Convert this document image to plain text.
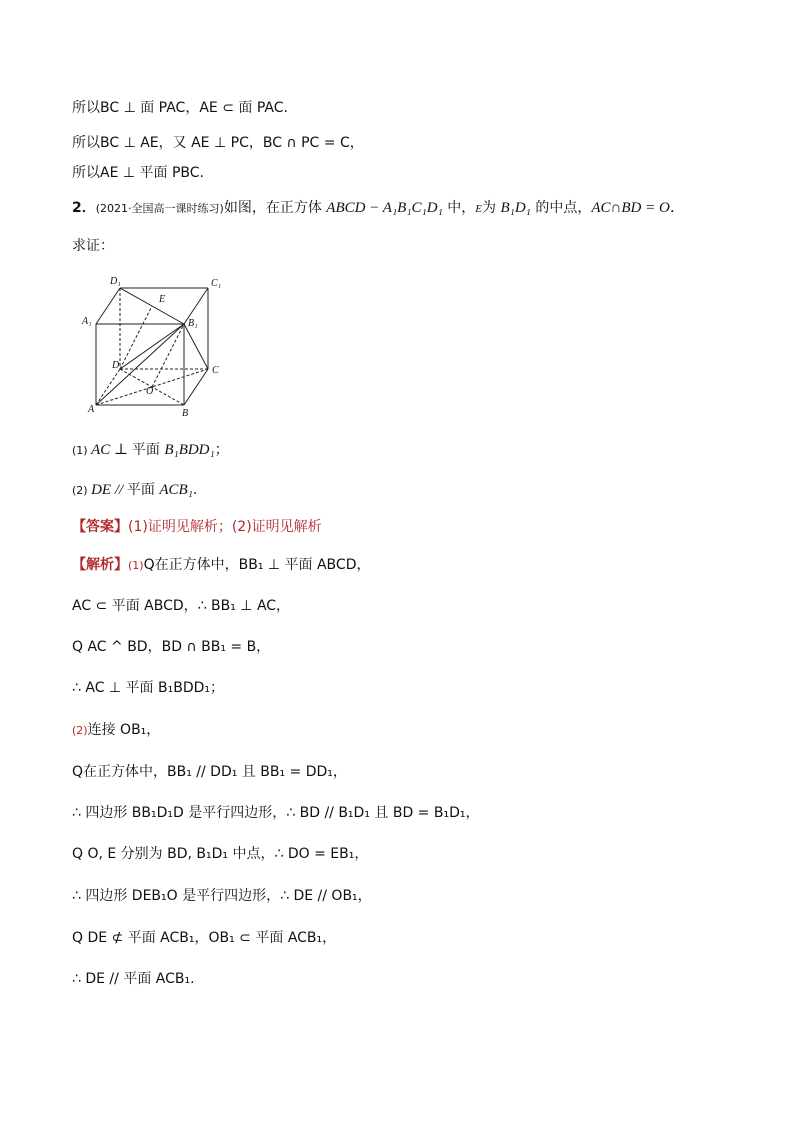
所以BC ⊥ 面 PAC，AE ⊂ 面 PAC.
所以BC ⊥ AE，又 AE ⊥ PC，BC ∩ PC = C，
所以AE ⊥ 平面 PBC.
2．(2021·全国高一课时练习)如图，在正方体 ABCD − A₁B₁C₁D₁ 中，E为 B₁D₁ 的中点，AC∩BD = O．
求证：
D₁	C₁
A₁	B₁
E
D	C
O
A	B
(1) AC ⊥ 平面 B₁BDD₁；
(2) DE // 平面 ACB₁.
【答案】(1)证明见解析；(2)证明见解析
【解析】(1)Q在正方体中，BB₁ ⊥ 平面 ABCD，
AC ⊂ 平面 ABCD，∴ BB₁ ⊥ AC，
Q AC ^ BD，BD ∩ BB₁ = B，
∴ AC ⊥ 平面 B₁BDD₁；
(2)连接 OB₁，
Q在正方体中，BB₁ // DD₁ 且 BB₁ = DD₁，
∴ 四边形 BB₁D₁D 是平行四边形，∴ BD // B₁D₁ 且 BD = B₁D₁，
Q O, E 分别为 BD, B₁D₁ 中点，∴ DO = EB₁，
∴ 四边形 DEB₁O 是平行四边形，∴ DE // OB₁，
Q DE ⊄ 平面 ACB₁，OB₁ ⊂ 平面 ACB₁，
∴ DE // 平面 ACB₁.
